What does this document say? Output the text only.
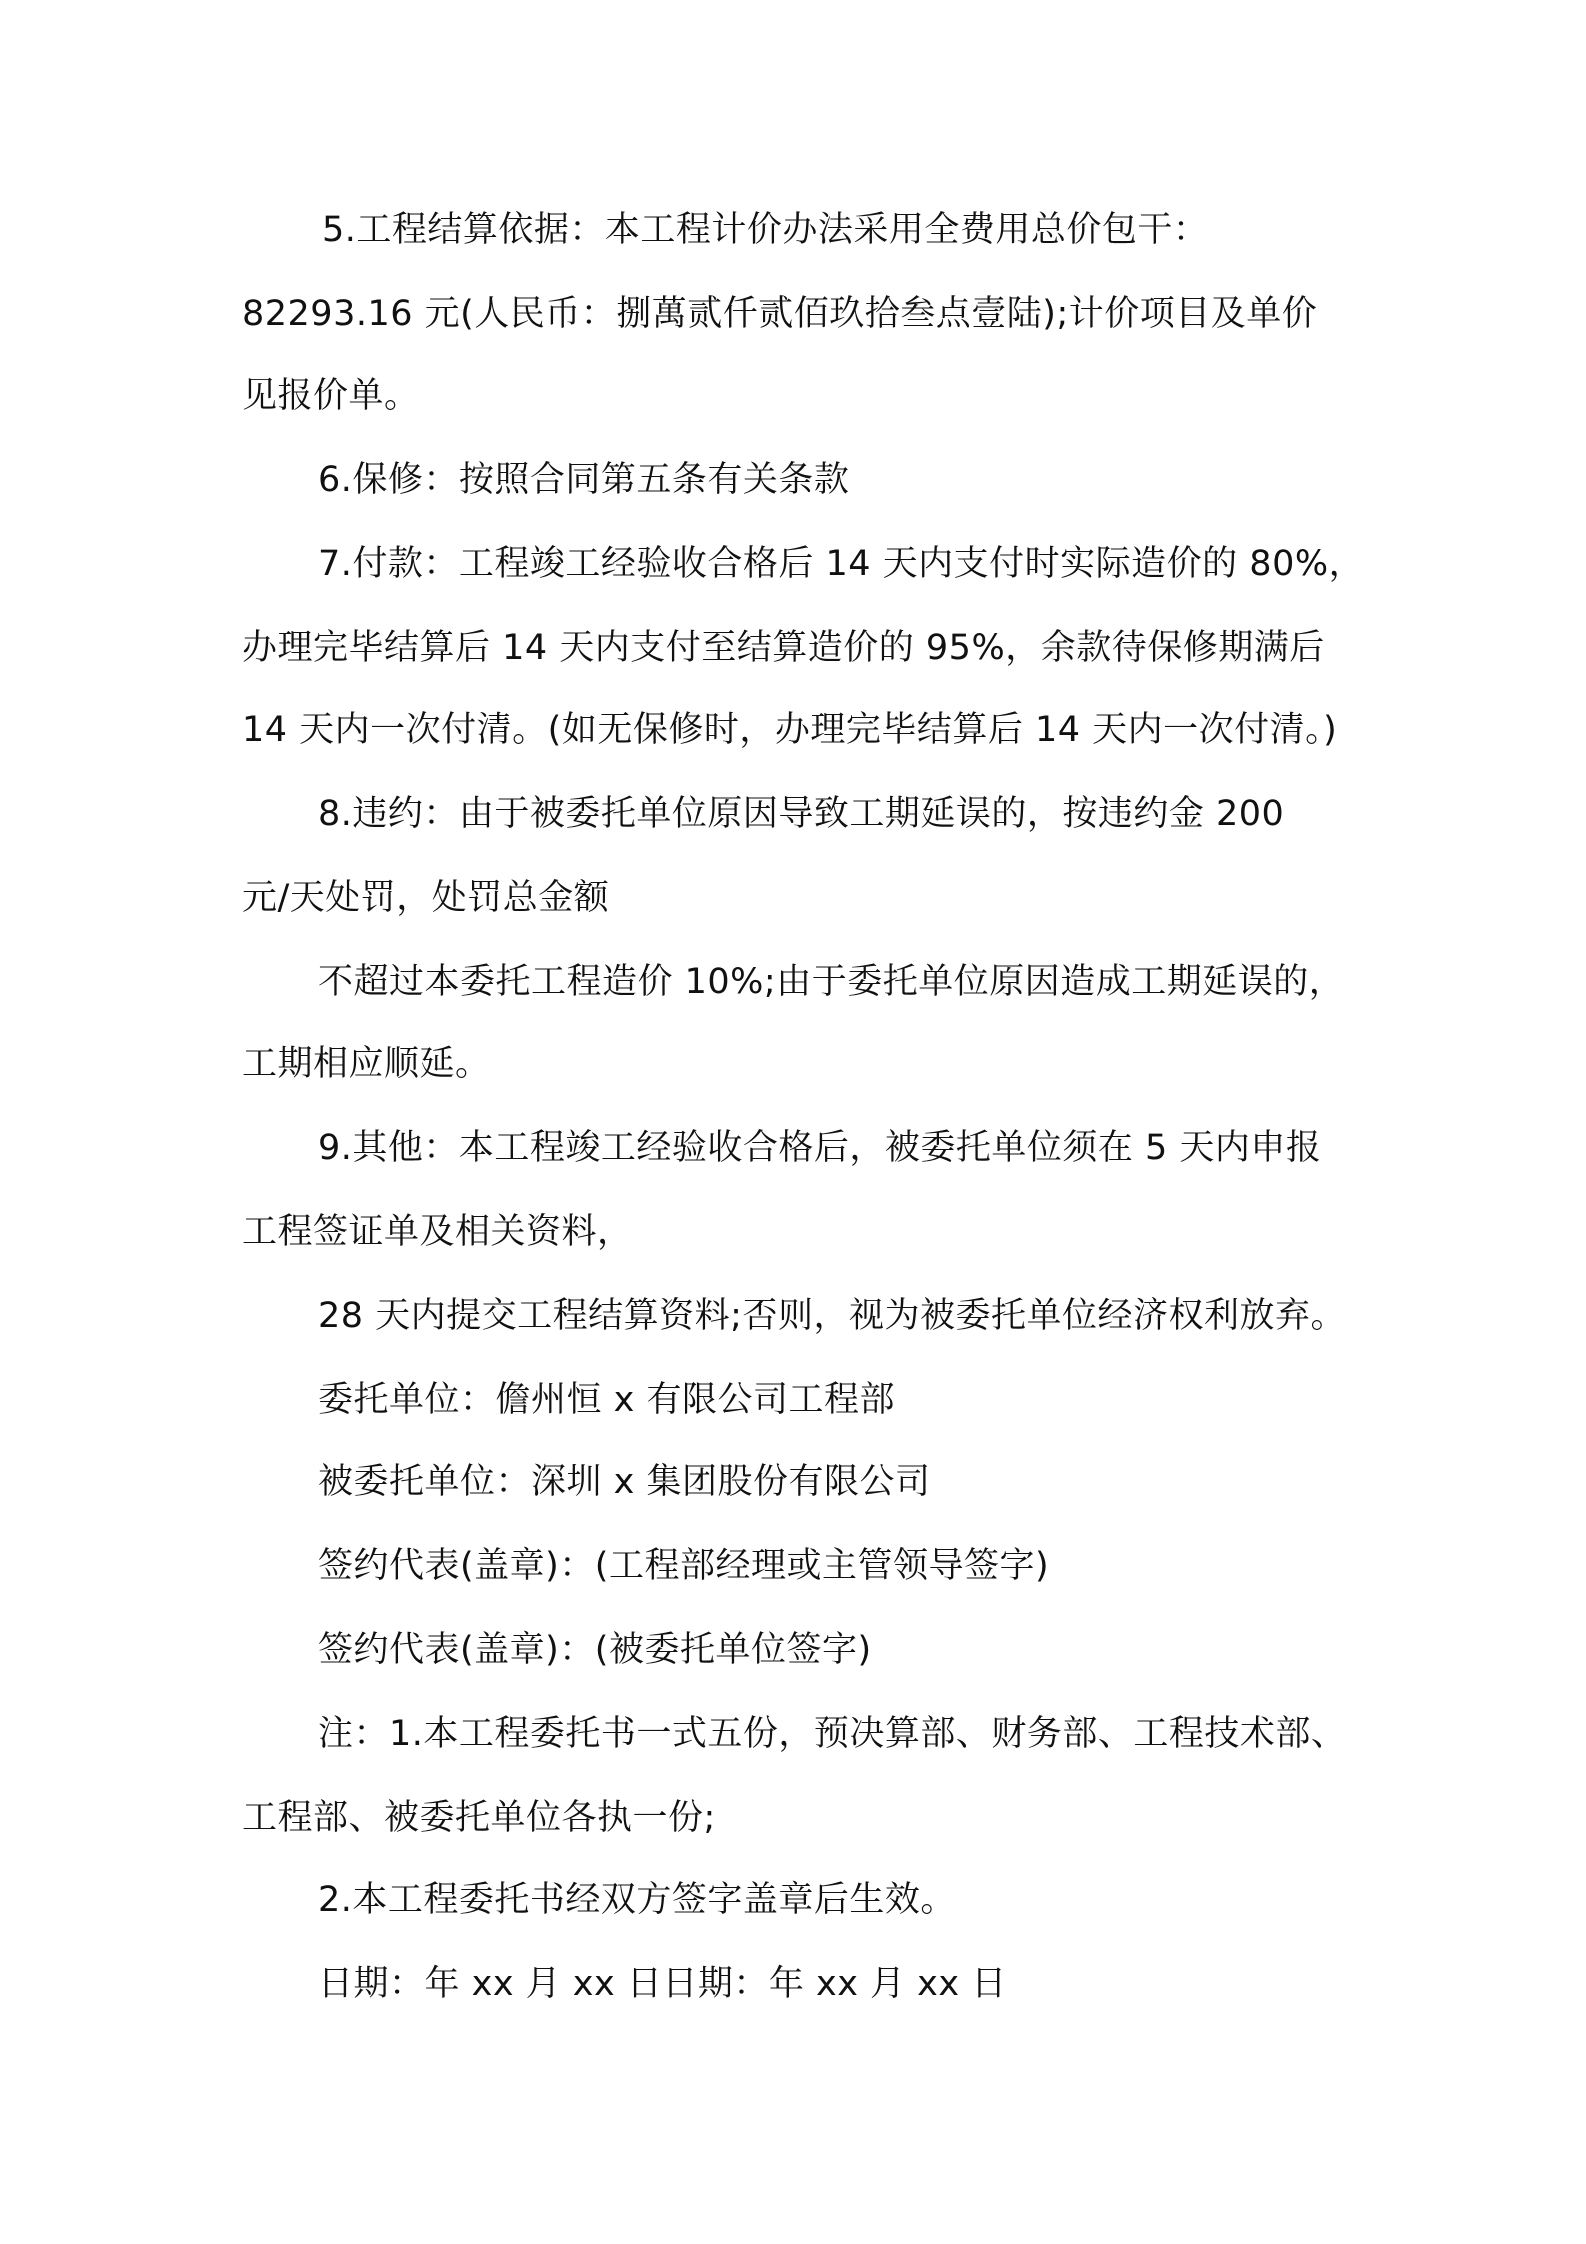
5.工程结算依据：本工程计价办法采用全费用总价包干：
82293.16 元(人民币：捌萬贰仟贰佰玖拾叁点壹陆);计价项目及单价
见报价单。
6.保修：按照合同第五条有关条款
7.付款：工程竣工经验收合格后 14 天内支付时实际造价的 80%，
办理完毕结算后 14 天内支付至结算造价的 95%，余款待保修期满后
14 天内一次付清。(如无保修时，办理完毕结算后 14 天内一次付清。)
8.违约：由于被委托单位原因导致工期延误的，按违约金 200
元/天处罚，处罚总金额
不超过本委托工程造价 10%;由于委托单位原因造成工期延误的，
工期相应顺延。
9.其他：本工程竣工经验收合格后，被委托单位须在 5 天内申报
工程签证单及相关资料，
28 天内提交工程结算资料;否则，视为被委托单位经济权利放弃。
委托单位：儋州恒 x 有限公司工程部
被委托单位：深圳 x 集团股份有限公司
签约代表(盖章)：(工程部经理或主管领导签字)
签约代表(盖章)：(被委托单位签字)
注：1.本工程委托书一式五份，预决算部、财务部、工程技术部、
工程部、被委托单位各执一份;
2.本工程委托书经双方签字盖章后生效。
日期：年 xx 月 xx 日日期：年 xx 月 xx 日
